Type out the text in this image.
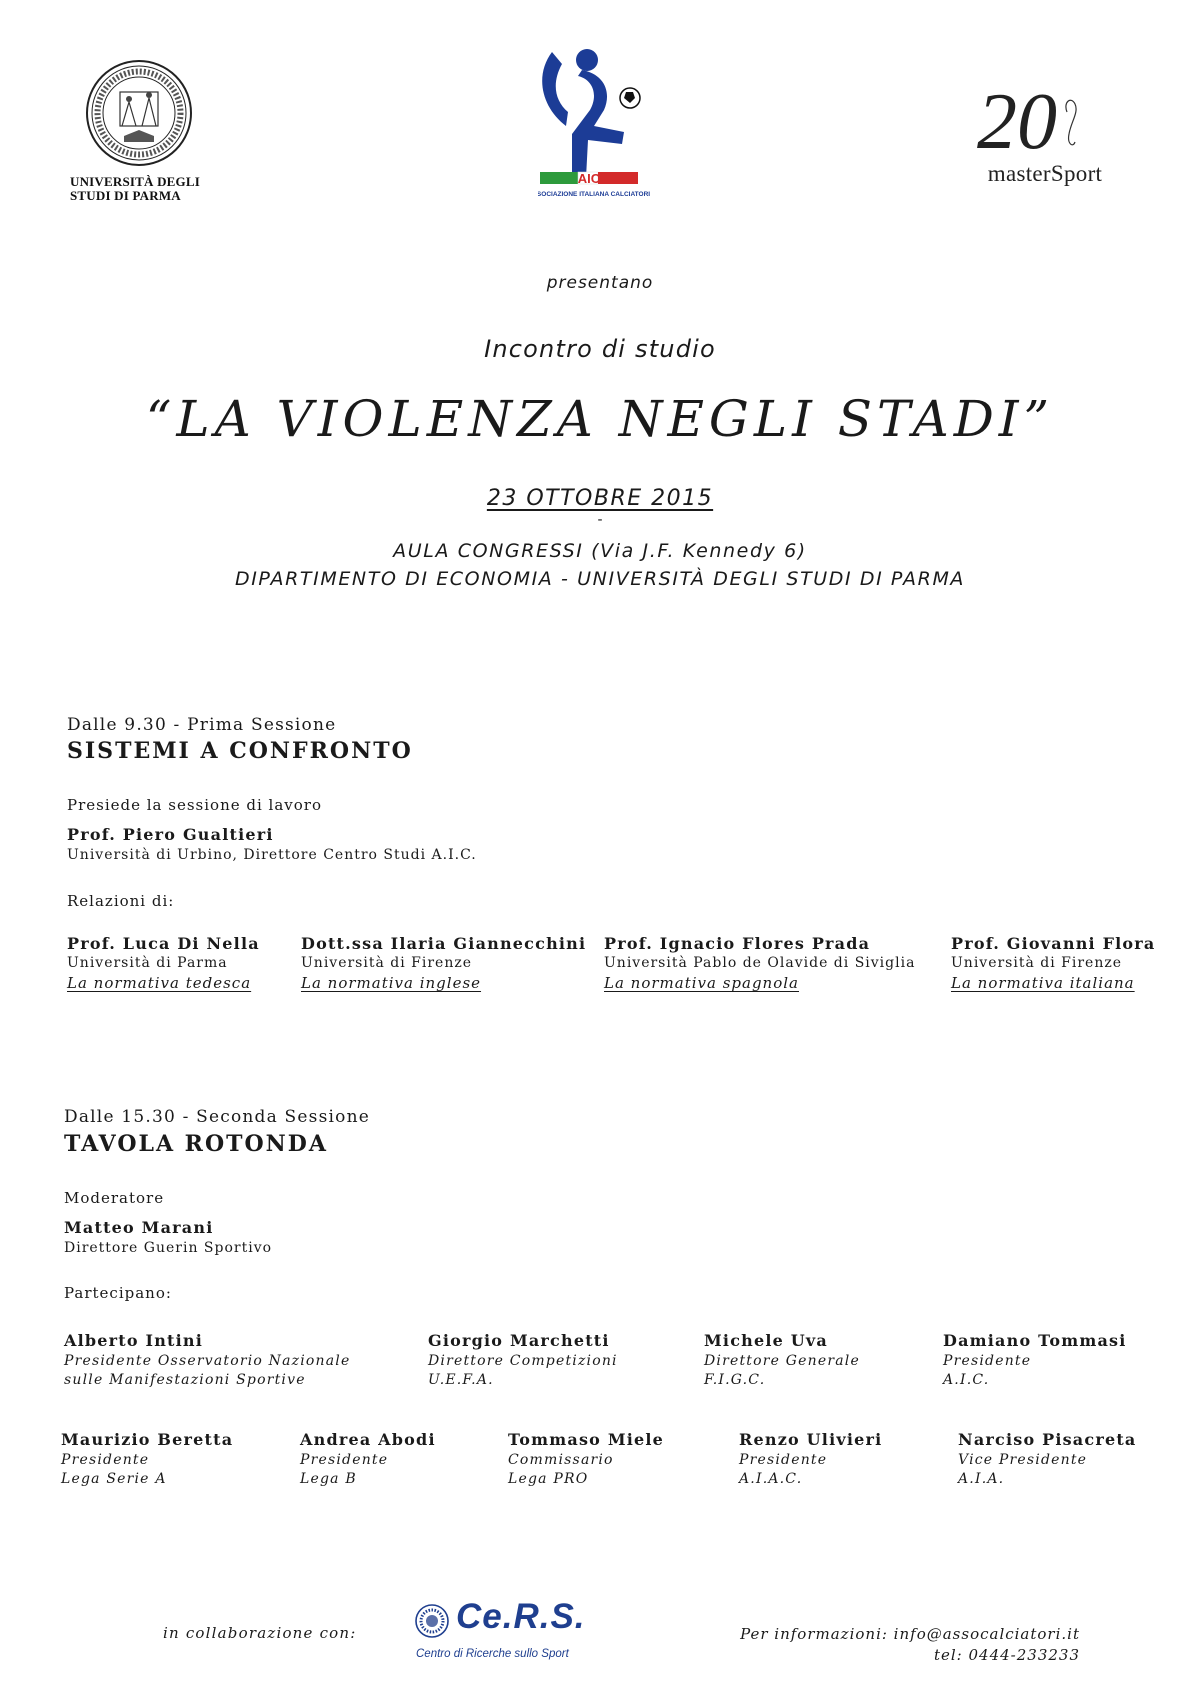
UNIVERSITÀ DEGLI
STUDI DI PARMA
AIC
ASSOCIAZIONE ITALIANA CALCIATORI
20
masterSport
presentano
Incontro di studio
“LA VIOLENZA NEGLI STADI”
23 OTTOBRE 2015
-
AULA CONGRESSI (Via J.F. Kennedy 6)
DIPARTIMENTO DI ECONOMIA - UNIVERSITÀ DEGLI STUDI DI PARMA
Dalle 9.30 - Prima Sessione
SISTEMI A CONFRONTO
Presiede la sessione di lavoro
Prof. Piero Gualtieri
Università di Urbino, Direttore Centro Studi A.I.C.
Relazioni di:
Prof. Luca Di Nella
Università di Parma
La normativa tedesca
Dott.ssa Ilaria Giannecchini
Università di Firenze
La normativa inglese
Prof. Ignacio Flores Prada
Università Pablo de Olavide di Siviglia
La normativa spagnola
Prof. Giovanni Flora
Università di Firenze
La normativa italiana
Dalle 15.30 - Seconda Sessione
TAVOLA ROTONDA
Moderatore
Matteo Marani
Direttore Guerin Sportivo
Partecipano:
Alberto Intini
Presidente Osservatorio Nazionale
sulle Manifestazioni Sportive
Giorgio Marchetti
Direttore Competizioni
U.E.F.A.
Michele Uva
Direttore Generale
F.I.G.C.
Damiano Tommasi
Presidente
A.I.C.
Maurizio Beretta
Presidente
Lega Serie A
Andrea Abodi
Presidente
Lega B
Tommaso Miele
Commissario
Lega PRO
Renzo Ulivieri
Presidente
A.I.A.C.
Narciso Pisacreta
Vice Presidente
A.I.A.
in collaborazione con:	Ce.R.S.
Centro di Ricerche sullo Sport
Per informazioni: info@assocalciatori.it
tel: 0444-233233
